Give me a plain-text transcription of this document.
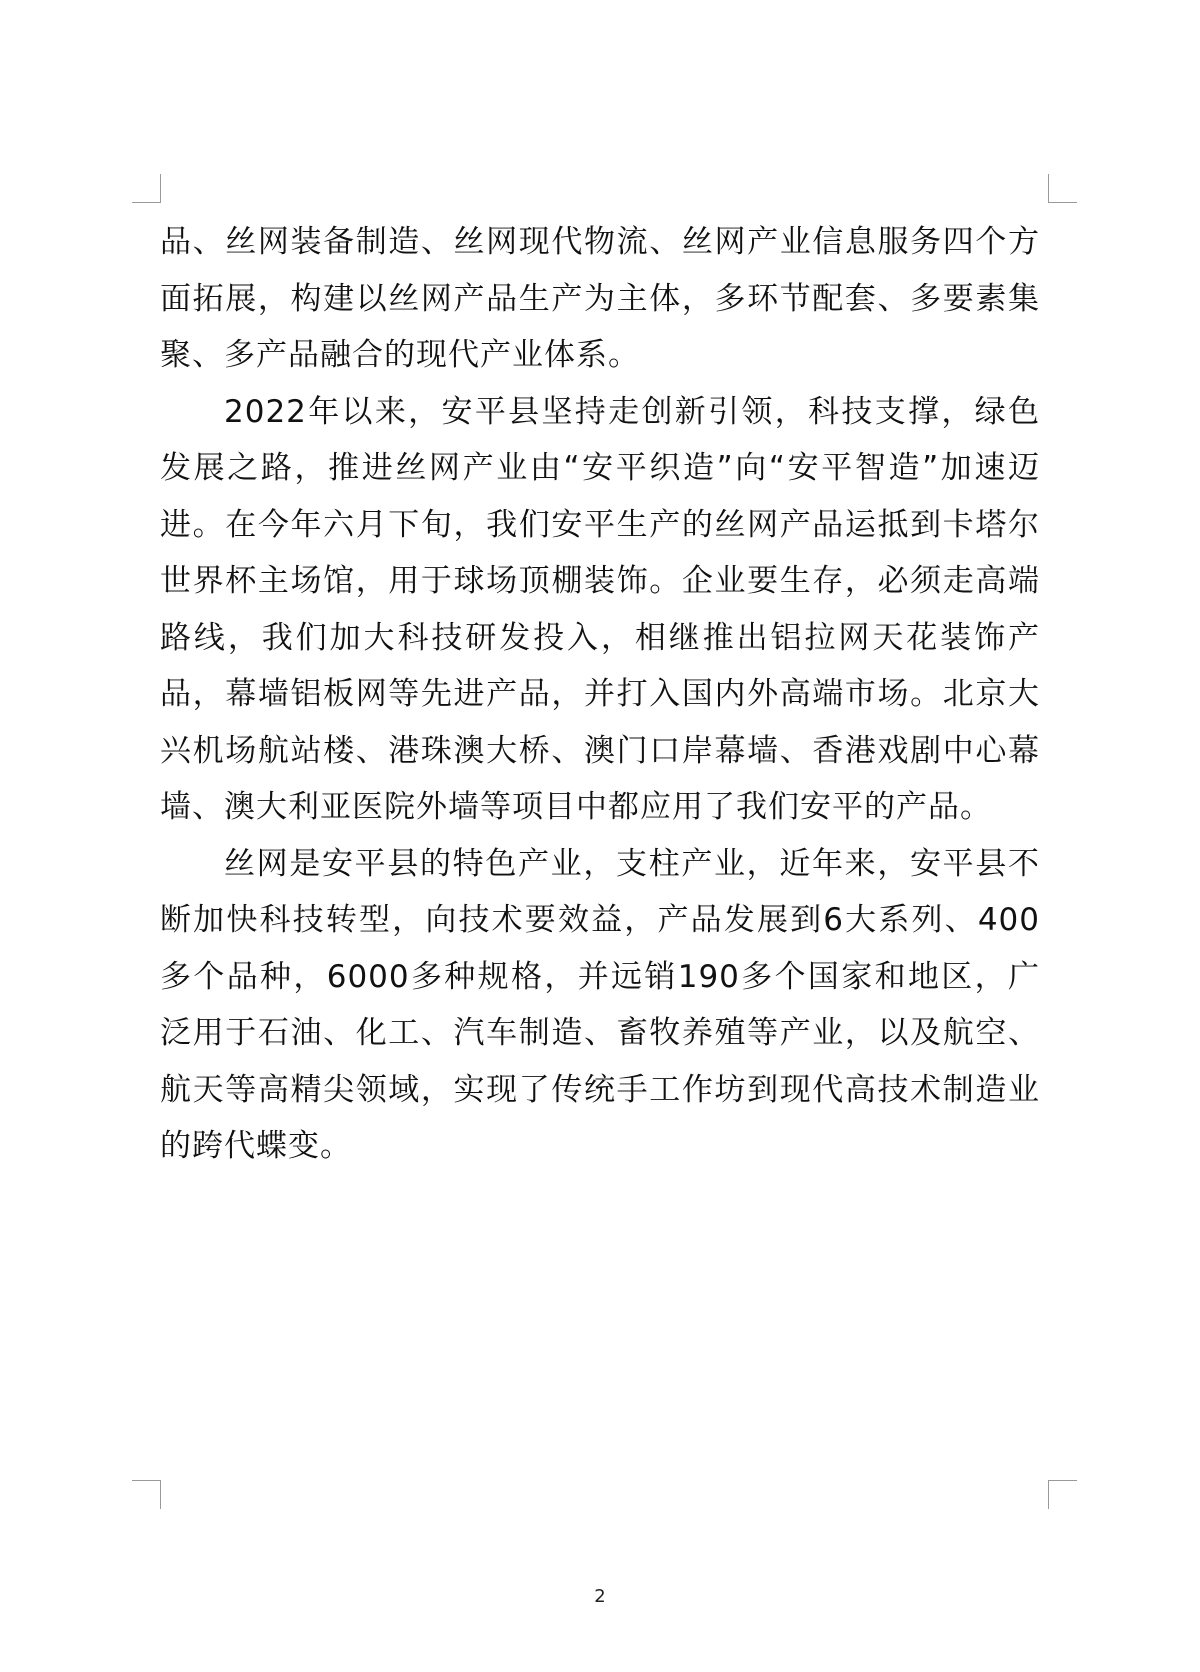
品、丝网装备制造、丝网现代物流、丝网产业信息服务四个方面拓展，构建以丝网产品生产为主体，多环节配套、多要素集聚、多产品融合的现代产业体系。

2022年以来，安平县坚持走创新引领，科技支撑，绿色发展之路，推进丝网产业由“安平织造”向“安平智造”加速迈进。在今年六月下旬，我们安平生产的丝网产品运抵到卡塔尔世界杯主场馆，用于球场顶棚装饰。企业要生存，必须走高端路线，我们加大科技研发投入，相继推出铝拉网天花装饰产品，幕墙铝板网等先进产品，并打入国内外高端市场。北京大兴机场航站楼、港珠澳大桥、澳门口岸幕墙、香港戏剧中心幕墙、澳大利亚医院外墙等项目中都应用了我们安平的产品。

丝网是安平县的特色产业，支柱产业，近年来，安平县不断加快科技转型，向技术要效益，产品发展到6大系列、400多个品种，6000多种规格，并远销190多个国家和地区，广泛用于石油、化工、汽车制造、畜牧养殖等产业，以及航空、航天等高精尖领域，实现了传统手工作坊到现代高技术制造业的跨代蝶变。

2
